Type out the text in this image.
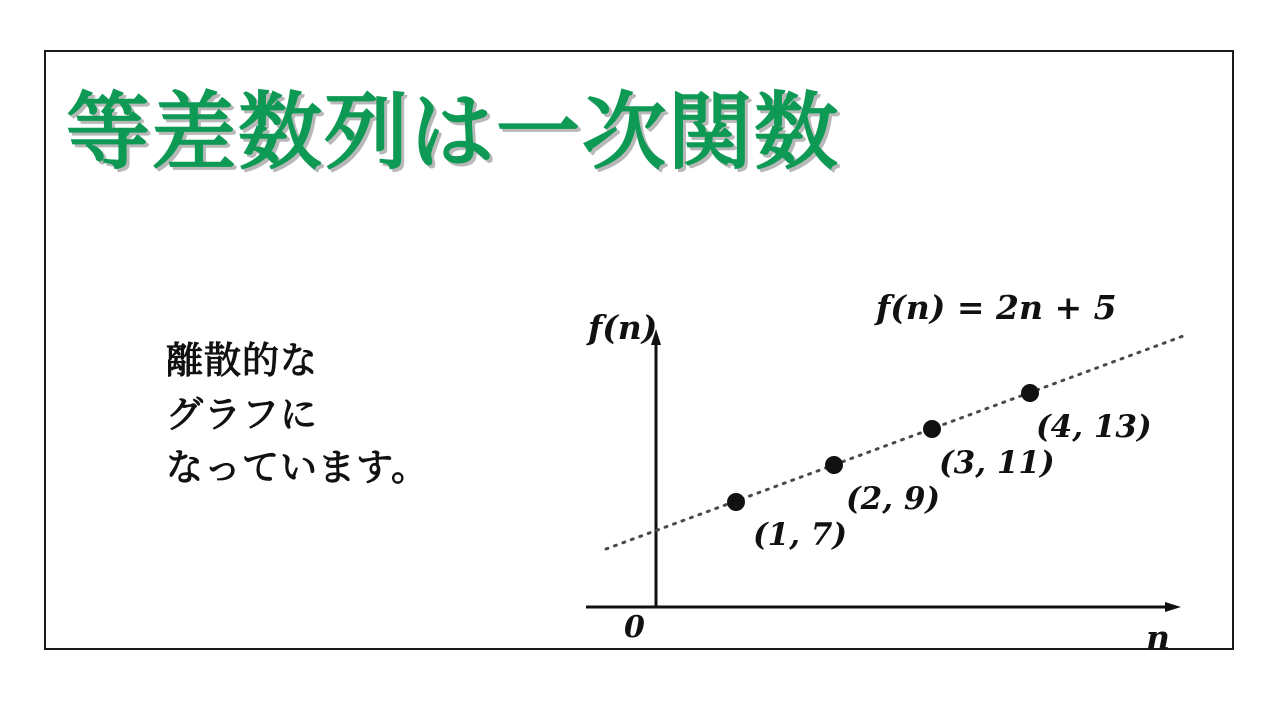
等差数列は一次関数
離散的な
グラフに
なっています。
(1, 7)
(2, 9)
(3, 11)
(4, 13)
f(n) = 2n + 5
f(n)
n
0
